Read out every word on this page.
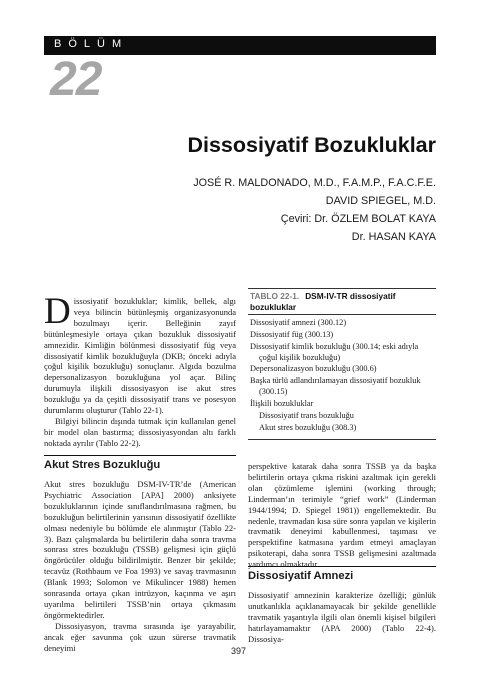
BÖLÜM
22
Dissosiyatif Bozukluklar
JOSÉ R. MALDONADO, M.D., F.A.M.P., F.A.C.F.E.
DAVID SPIEGEL, M.D.
Çeviri: Dr. ÖZLEM BOLAT KAYA
Dr. HASAN KAYA

Dissosiyatif bozukluklar; kimlik, bellek, algı veya bilincin bütünleşmiş organizasyonunda bozulmayı içerir. Belleğinin zayıf bütünleşmesiyle ortaya çıkan bozukluk dissosiyatif amnezidir. Kimliğin bölünmesi dissosiyatif füg veya dissosiyatif kimlik bozukluğuyla (DKB; önceki adıyla çoğul kişilik bozukluğu) sonuçlanır. Algıda bozulma depersonalizasyon bozukluğuna yol açar. Bilinç durumuyla ilişkili dissosiyasyon ise akut stres bozukluğu ya da çeşitli dissosiyatif trans ve posesyon durumlarını oluşturur (Tablo 22-1).

Bilgiyi bilincin dışında tutmak için kullanılan genel bir model olan bastırma; dissosiyasyondan altı farklı noktada ayrılır (Tablo 22-2).

Akut Stres Bozukluğu

Akut stres bozukluğu DSM-IV-TR’de (American Psychiatric Association [APA] 2000) anksiyete bozukluklarının içinde sınıflandırılmasına rağmen, bu bozukluğun belirtilerinin yarısının dissosiyatif özellikte olması nedeniyle bu bölümde ele alınmıştır (Tablo 22-3). Bazı çalışmalarda bu belirtilerin daha sonra travma sonrası stres bozukluğu (TSSB) gelişmesi için güçlü öngörücüler olduğu bildirilmiştir. Benzer bir şekilde; tecavüz (Rothbaum ve Foa 1993) ve savaş travmasının (Blank 1993; Solomon ve Mikulincer 1988) hemen sonrasında ortaya çıkan intrüzyon, kaçınma ve aşırı uyarılma belirtileri TSSB’nin ortaya çıkmasını öngörmektedirler.

Dissosiyasyon, travma sırasında işe yarayabilir, ancak eğer savunma çok uzun sürerse travmatik deneyimi

TABLO 22-1. DSM-IV-TR dissosiyatif bozukluklar
Dissosiyatif amnezi (300.12)
Dissosiyatif füg (300.13)
Dissosiyatif kimlik bozukluğu (300.14; eski adıyla çoğul kişilik bozukluğu)
Depersonalizasyon bozukluğu (300.6)
Başka türlü adlandırılamayan dissosiyatif bozukluk (300.15)
İlişkili bozukluklar
Dissosiyatif trans bozukluğu
Akut stres bozukluğu (308.3)

perspektive katarak daha sonra TSSB ya da başka belirtilerin ortaya çıkma riskini azaltmak için gerekli olan çözümleme işlemini (working through; Linderman’ın terimiyle “grief work” (Linderman 1944/1994; D. Spiegel 1981)) engellemektedir. Bu nedenle, travmadan kısa süre sonra yapılan ve kişilerin travmatik deneyimi kabullenmesi, taşıması ve perspektifine katmasına yardım etmeyi amaçlayan psikoterapi, daha sonra TSSB gelişmesini azaltmada yardımcı olmaktadır.

Dissosiyatif Amnezi

Dissosiyatif amnezinin karakterize özelliği; günlük unutkanlıkla açıklanamayacak bir şekilde genellikle travmatik yaşantıyla ilgili olan önemli kişisel bilgileri hatırlayamamaktır (APA 2000) (Tablo 22-4). Dissosiya-

397
